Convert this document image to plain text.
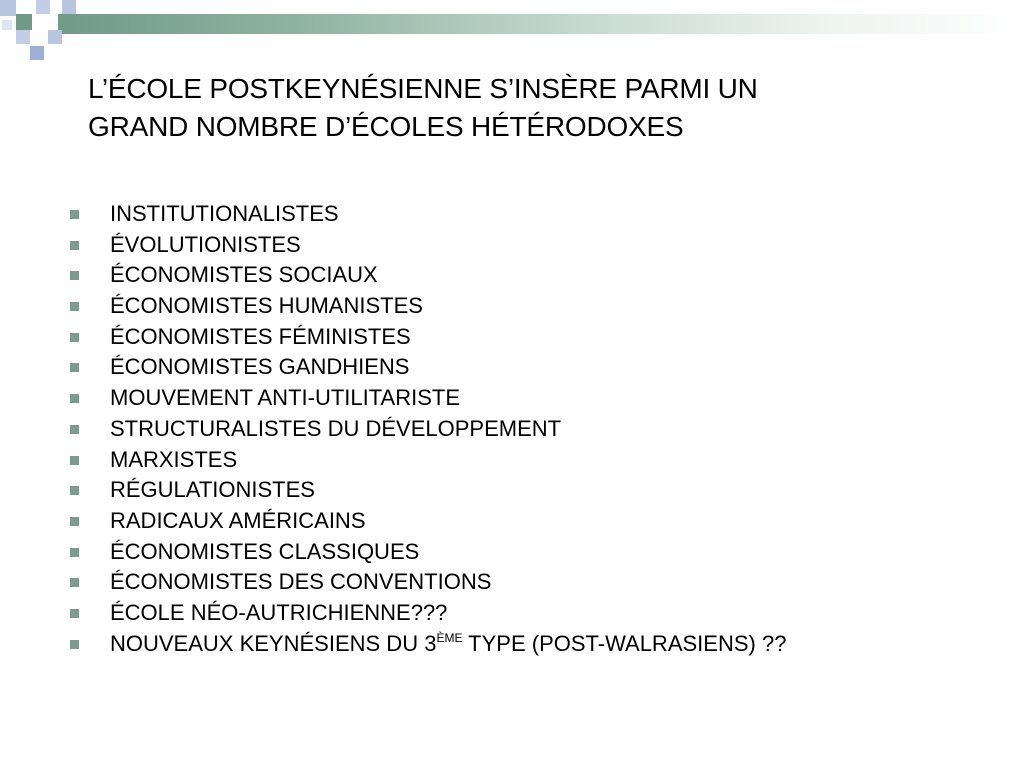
L’ÉCOLE POSTKEYNÉSIENNE S’INSÈRE PARMI UN
GRAND NOMBRE D’ÉCOLES HÉTÉRODOXES
INSTITUTIONALISTES
ÉVOLUTIONISTES
ÉCONOMISTES SOCIAUX
ÉCONOMISTES HUMANISTES
ÉCONOMISTES FÉMINISTES
ÉCONOMISTES GANDHIENS
MOUVEMENT ANTI-UTILITARISTE
STRUCTURALISTES DU DÉVELOPPEMENT
MARXISTES
RÉGULATIONISTES
RADICAUX AMÉRICAINS
ÉCONOMISTES CLASSIQUES
ÉCONOMISTES DES CONVENTIONS
ÉCOLE NÉO-AUTRICHIENNE???
NOUVEAUX KEYNÉSIENS DU 3ÈME TYPE (POST-WALRASIENS) ??
